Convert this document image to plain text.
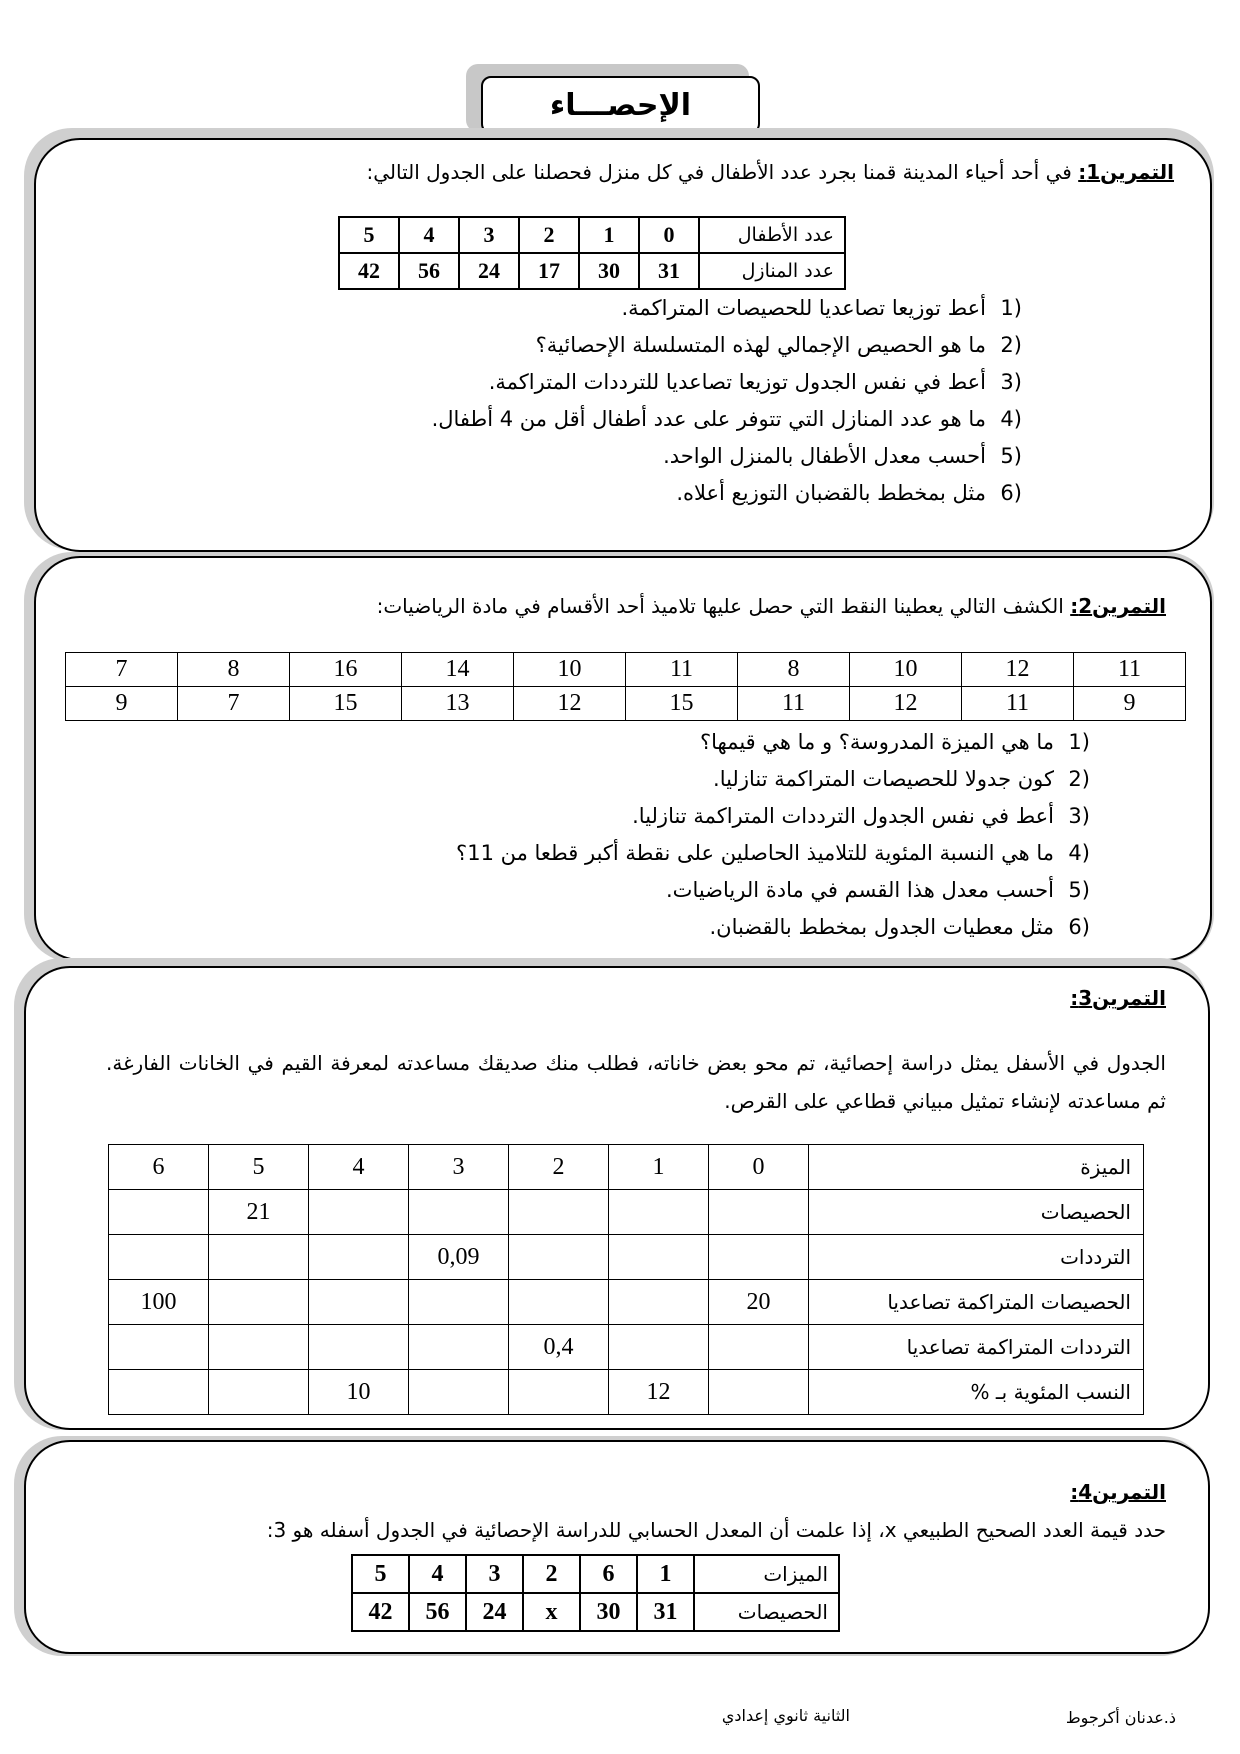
الإحصـــاء
التمرين1: في أحد أحياء المدينة قمنا بجرد عدد الأطفال في كل منزل فحصلنا على الجدول التالي:
عدد الأطفال	0	1	2	3	4	5
عدد المنازل	31	30	17	24	56	42
(1أعط توزيعا تصاعديا للحصيصات المتراكمة.
(2ما هو الحصيص الإجمالي لهذه المتسلسلة الإحصائية؟
(3أعط في نفس الجدول توزيعا تصاعديا للترددات المتراكمة.
(4ما هو عدد المنازل التي تتوفر على عدد أطفال أقل من 4 أطفال.
(5أحسب معدل الأطفال بالمنزل الواحد.
(6مثل بمخطط بالقضبان التوزيع أعلاه.
التمرين2: الكشف التالي يعطينا النقط التي حصل عليها تلاميذ أحد الأقسام في مادة الرياضيات:
11	12	10	8	11	10	14	16	8	7
9	11	12	11	15	12	13	15	7	9
(1ما هي الميزة المدروسة؟ و ما هي قيمها؟
(2كون جدولا للحصيصات المتراكمة تنازليا.
(3أعط في نفس الجدول الترددات المتراكمة تنازليا.
(4ما هي النسبة المئوية للتلاميذ الحاصلين على نقطة أكبر قطعا من 11؟
(5أحسب معدل هذا القسم في مادة الرياضيات.
(6مثل معطيات الجدول بمخطط بالقضبان.
التمرين3:
الجدول في الأسفل يمثل دراسة إحصائية، تم محو بعض خاناته، فطلب منك صديقك مساعدته لمعرفة القيم في الخانات الفارغة. ثم مساعدته لإنشاء تمثيل مبياني قطاعي على القرص.
الميزة	0	1	2	3	4	5	6
الحصيصات						21	
الترددات				0,09			
الحصيصات المتراكمة تصاعديا	20						100
الترددات المتراكمة تصاعديا			0,4				
النسب المئوية بـ %		12			10		
التمرين4:
حدد قيمة العدد الصحيح الطبيعي x، إذا علمت أن المعدل الحسابي للدراسة الإحصائية في الجدول أسفله هو 3:
الميزات	1	6	2	3	4	5
الحصيصات	31	30	x	24	56	42
ذ.عدنان أكرجوط
الثانية ثانوي إعدادي
